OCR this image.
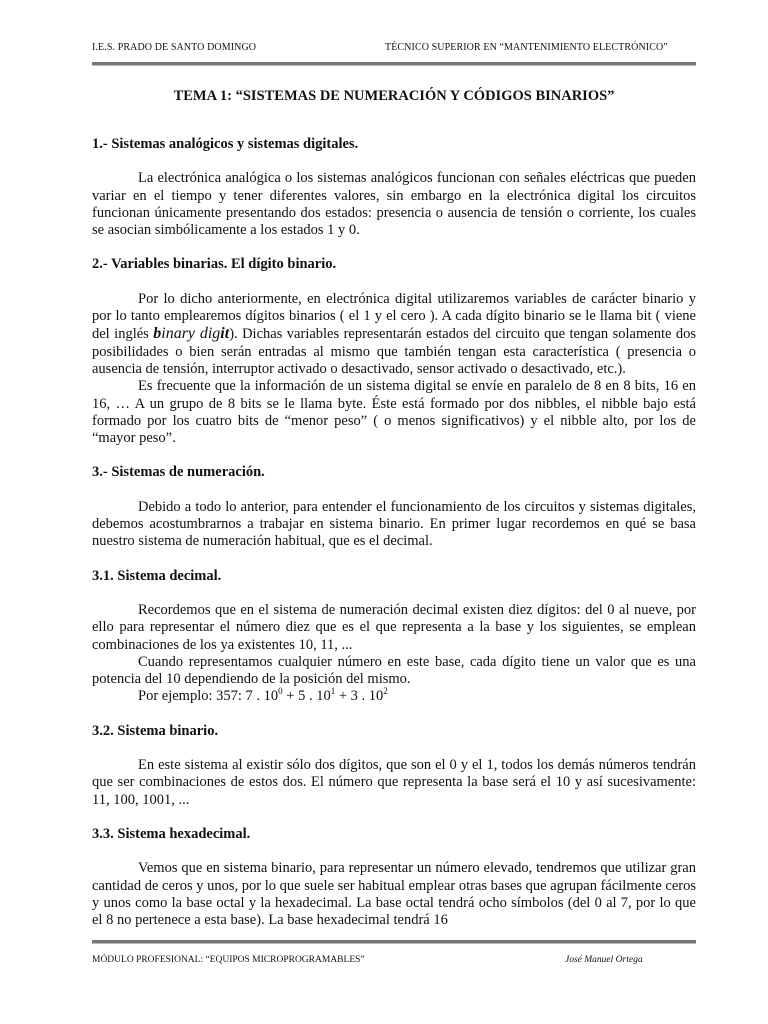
I.E.S. PRADO DE SANTO DOMINGO	TÉCNICO SUPERIOR EN “MANTENIMIENTO ELECTRÓNICO”
TEMA 1: “SISTEMAS DE NUMERACIÓN Y CÓDIGOS BINARIOS”
1.- Sistemas analógicos y sistemas digitales.

La electrónica analógica o los sistemas analógicos funcionan con señales eléctricas que pueden variar en el tiempo y tener diferentes valores, sin embargo en la electrónica digital los circuitos funcionan únicamente presentando dos estados: presencia o ausencia de tensión o corriente, los cuales se asocian simbólicamente a los estados 1 y 0.

2.- Variables binarias. El dígito binario.

Por lo dicho anteriormente, en electrónica digital utilizaremos variables de carácter binario y por lo tanto emplearemos dígitos binarios ( el 1 y el cero ). A cada dígito binario se le llama bit ( viene del inglés binary digit). Dichas variables representarán estados del circuito que tengan solamente dos posibilidades o bien serán entradas al mismo que también tengan esta característica ( presencia o ausencia de tensión, interruptor activado o desactivado, sensor activado o desactivado, etc.).

Es frecuente que la información de un sistema digital se envíe en paralelo de 8 en 8 bits, 16 en 16, … A un grupo de 8 bits se le llama byte. Éste está formado por dos nibbles, el nibble bajo está formado por los cuatro bits de “menor peso” ( o menos significativos) y el nibble alto, por los de “mayor peso”.

3.- Sistemas de numeración.

Debido a todo lo anterior, para entender el funcionamiento de los circuitos y sistemas digitales, debemos acostumbrarnos a trabajar en sistema binario. En primer lugar recordemos en qué se basa nuestro sistema de numeración habitual, que es el decimal.

3.1. Sistema decimal.

Recordemos que en el sistema de numeración decimal existen diez dígitos: del 0 al nueve, por ello para representar el número diez que es el que representa a la base y los siguientes, se emplean combinaciones de los ya existentes 10, 11, ...

Cuando representamos cualquier número en este base, cada dígito tiene un valor que es una potencia del 10 dependiendo de la posición del mismo.

Por ejemplo: 357: 7 . $10^0 + 5$ . $10^1 + 3$ . $10^2$

3.2. Sistema binario.

En este sistema al existir sólo dos dígitos, que son el 0 y el 1, todos los demás números tendrán que ser combinaciones de estos dos. El número que representa la base será el 10 y así sucesivamente: 11, 100, 1001, ...

3.3. Sistema hexadecimal.

Vemos que en sistema binario, para representar un número elevado, tendremos que utilizar gran cantidad de ceros y unos, por lo que suele ser habitual emplear otras bases que agrupan fácilmente ceros y unos como la base octal y la hexadecimal. La base octal tendrá ocho símbolos (del 0 al 7, por lo que el 8 no pertenece a esta base). La base hexadecimal tendrá 16

MÓDULO PROFESIONAL: “EQUIPOS MICROPROGRAMABLES”	José Manuel Ortega
